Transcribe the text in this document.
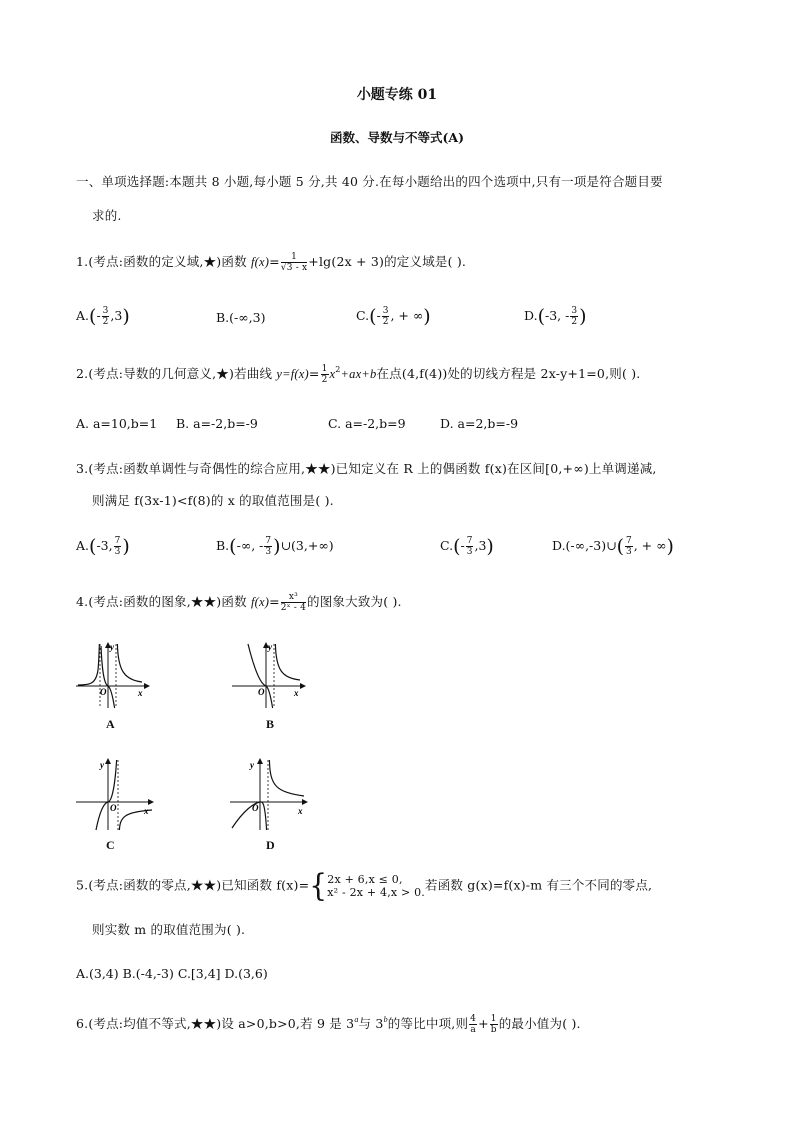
小题专练 01
函数、导数与不等式(A)
一、单项选择题:本题共 8 小题,每小题 5 分,共 40 分.在每小题给出的四个选项中,只有一项是符合题目要
求的.
1.(考点:函数的定义域,★)函数 $f(x)= \frac{1}{√3 - x} +\lg(2x + 3)$的定义域是( ).
$A.(- \frac{3}{2} ,3)$	B.(-∞,3)	$C.(- \frac{3}{2}$ , + ∞)	D.(-3, - $\frac{3}{2}$ )
2.(考点:导数的几何意义,★)若曲线 $y=f(x)= \frac{1}{2} x^2+ax+b$在点(4,f(4))处的切线方程是 2x-y+1=0,则( ).
A. a=10,b=1 B. a=-2,b=-9	C. a=-2,b=9	D. a=2,b=-9
3.(考点:函数单调性与奇偶性的综合应用,★★)已知定义在 R 上的偶函数 f(x)在区间[0,+∞)上单调递减,
则满足 f(3x-1)<f(8)的 x 的取值范围是( ).
A.(-3, $\frac{7}{3}$ )	B.(-∞, - $\frac{7}{3}$ )∪(3,+∞)	$C.(- \frac{7}{3} ,3)$	D.(-∞,-3)∪( $\frac{7}{3}$ , + ∞)
4.(考点:函数的图象,★★)函数 $f(x)= \frac{\text{x³}}{\text{2ˣ - 4}}$ 的图象大致为( ).
y
x
O
A
y
x
O
B
y
x
O
C
y
x
O
D
5.(考点:函数的零点,★★)已知函数 f(x)={ 2x + 6,x ≤ 0,
x² - 2x + 4,x > 0. 若函数 g(x)=f(x)-m 有三个不同的零点,
则实数 m 的取值范围为( ).
A.(3,4) B.(-4,-3) C.[3,4] D.(3,6)
6.(考点:均值不等式,★★)设 a>0,b>0,若 9 是 3$^a$与 3$^b$的等比中项,则 $\frac{4}{a} + \frac{1}{b}$ 的最小值为( ).
